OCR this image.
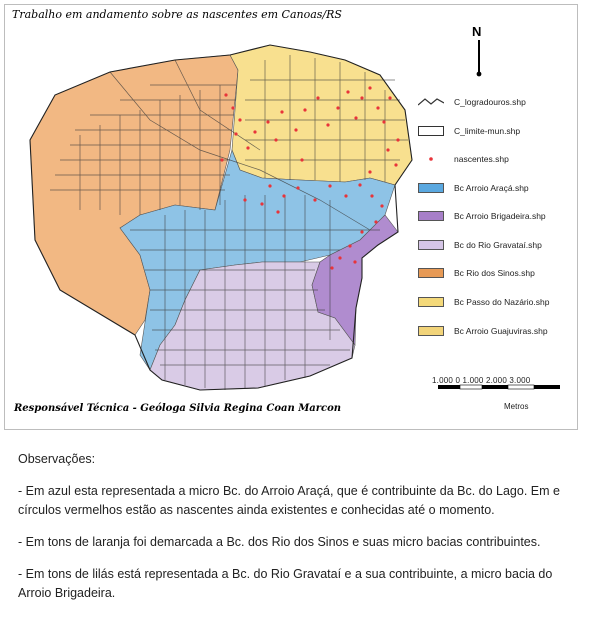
Trabalho em andamento sobre as nascentes em Canoas/RS
N
C_logradouros.shp
C_limite-mun.shp
nascentes.shp
Bc Arroio Araçá.shp
Bc Arroio Brigadeira.shp
Bc do Rio Gravataí.shp
Bc Rio dos Sinos.shp
Bc Passo do Nazário.shp
Bc Arroio Guajuviras.shp
1.000 0 1.000 2.000 3.000
Metros
Responsável Técnica - Geóloga Silvia Regina Coan Marcon

Observações:

- Em azul esta representada a micro Bc. do Arroio Araçá, que é contribuinte da Bc. do Lago. Em e círculos vermelhos estão as nascentes ainda existentes e conhecidas até o momento.

- Em tons de laranja foi demarcada a Bc. dos Rio dos Sinos e suas micro bacias contribuintes.

- Em tons de lilás está representada a Bc. do Rio Gravataí e a sua contribuinte, a micro bacia do Arroio Brigadeira.
